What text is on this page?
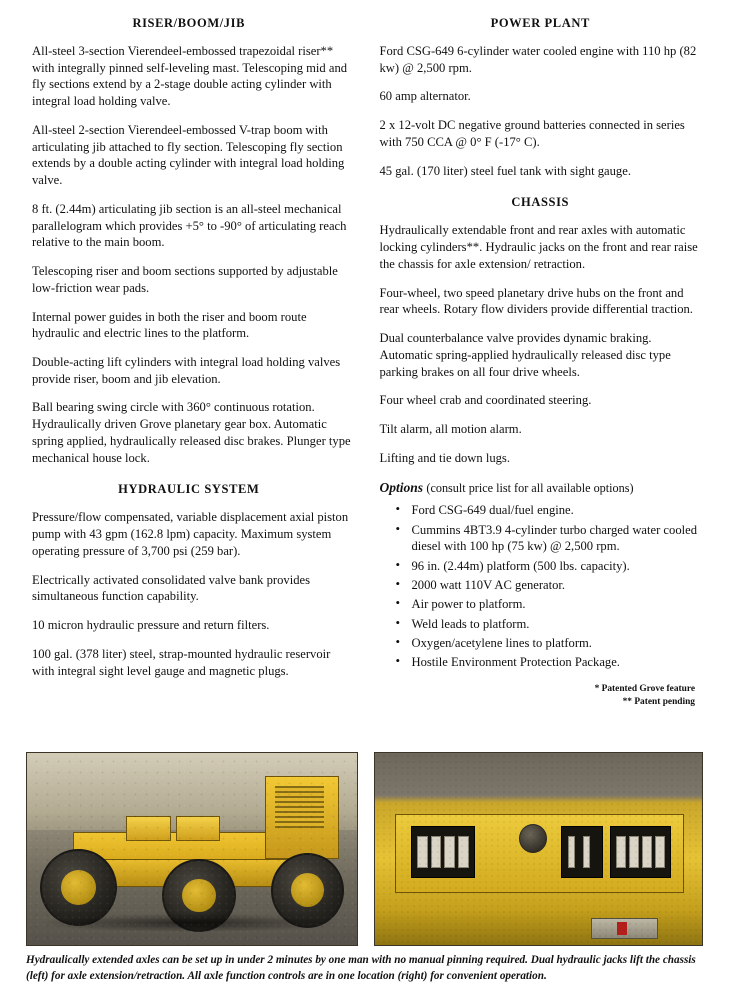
RISER/BOOM/JIB

All-steel 3-section Vierendeel-embossed trapezoidal riser** with integrally pinned self-leveling mast. Telescoping mid and fly sections extend by a 2-stage double acting cylinder with integral load holding valve.

All-steel 2-section Vierendeel-embossed V-trap boom with articulating jib attached to fly section. Telescoping fly section extends by a double acting cylinder with integral load holding valve.

8 ft. (2.44m) articulating jib section is an all-steel mechanical parallelogram which provides +5° to -90° of articulating reach relative to the main boom.

Telescoping riser and boom sections supported by adjustable low-friction wear pads.

Internal power guides in both the riser and boom route hydraulic and electric lines to the platform.

Double-acting lift cylinders with integral load holding valves provide riser, boom and jib elevation.

Ball bearing swing circle with 360° continuous rotation. Hydraulically driven Grove planetary gear box. Automatic spring applied, hydraulically released disc brakes. Plunger type mechanical house lock.

HYDRAULIC SYSTEM

Pressure/flow compensated, variable displacement axial piston pump with 43 gpm (162.8 lpm) capacity. Maximum system operating pressure of 3,700 psi (259 bar).

Electrically activated consolidated valve bank provides simultaneous function capability.

10 micron hydraulic pressure and return filters.

100 gal. (378 liter) steel, strap-mounted hydraulic reservoir with integral sight level gauge and magnetic plugs.

POWER PLANT

Ford CSG-649 6-cylinder water cooled engine with 110 hp (82 kw) @ 2,500 rpm.

60 amp alternator.

2 x 12-volt DC negative ground batteries connected in series with 750 CCA @ 0° F (-17° C).

45 gal. (170 liter) steel fuel tank with sight gauge.

CHASSIS

Hydraulically extendable front and rear axles with automatic locking cylinders**. Hydraulic jacks on the front and rear raise the chassis for axle extension/ retraction.

Four-wheel, two speed planetary drive hubs on the front and rear wheels. Rotary flow dividers provide differential traction.

Dual counterbalance valve provides dynamic braking. Automatic spring-applied hydraulically released disc type parking brakes on all four drive wheels.

Four wheel crab and coordinated steering.

Tilt alarm, all motion alarm.

Lifting and tie down lugs.

Options (consult price list for all available options)
• Ford CSG-649 dual/fuel engine.
• Cummins 4BT3.9 4-cylinder turbo charged water cooled diesel with 100 hp (75 kw) @ 2,500 rpm.
• 96 in. (2.44m) platform (500 lbs. capacity).
• 2000 watt 110V AC generator.
• Air power to platform.
• Weld leads to platform.
• Oxygen/acetylene lines to platform.
• Hostile Environment Protection Package.
* Patented Grove feature
** Patent pending
Hydraulically extended axles can be set up in under 2 minutes by one man with no manual pinning required. Dual hydraulic jacks lift the chassis (left) for axle extension/retraction. All axle function controls are in one location (right) for convenient operation.
